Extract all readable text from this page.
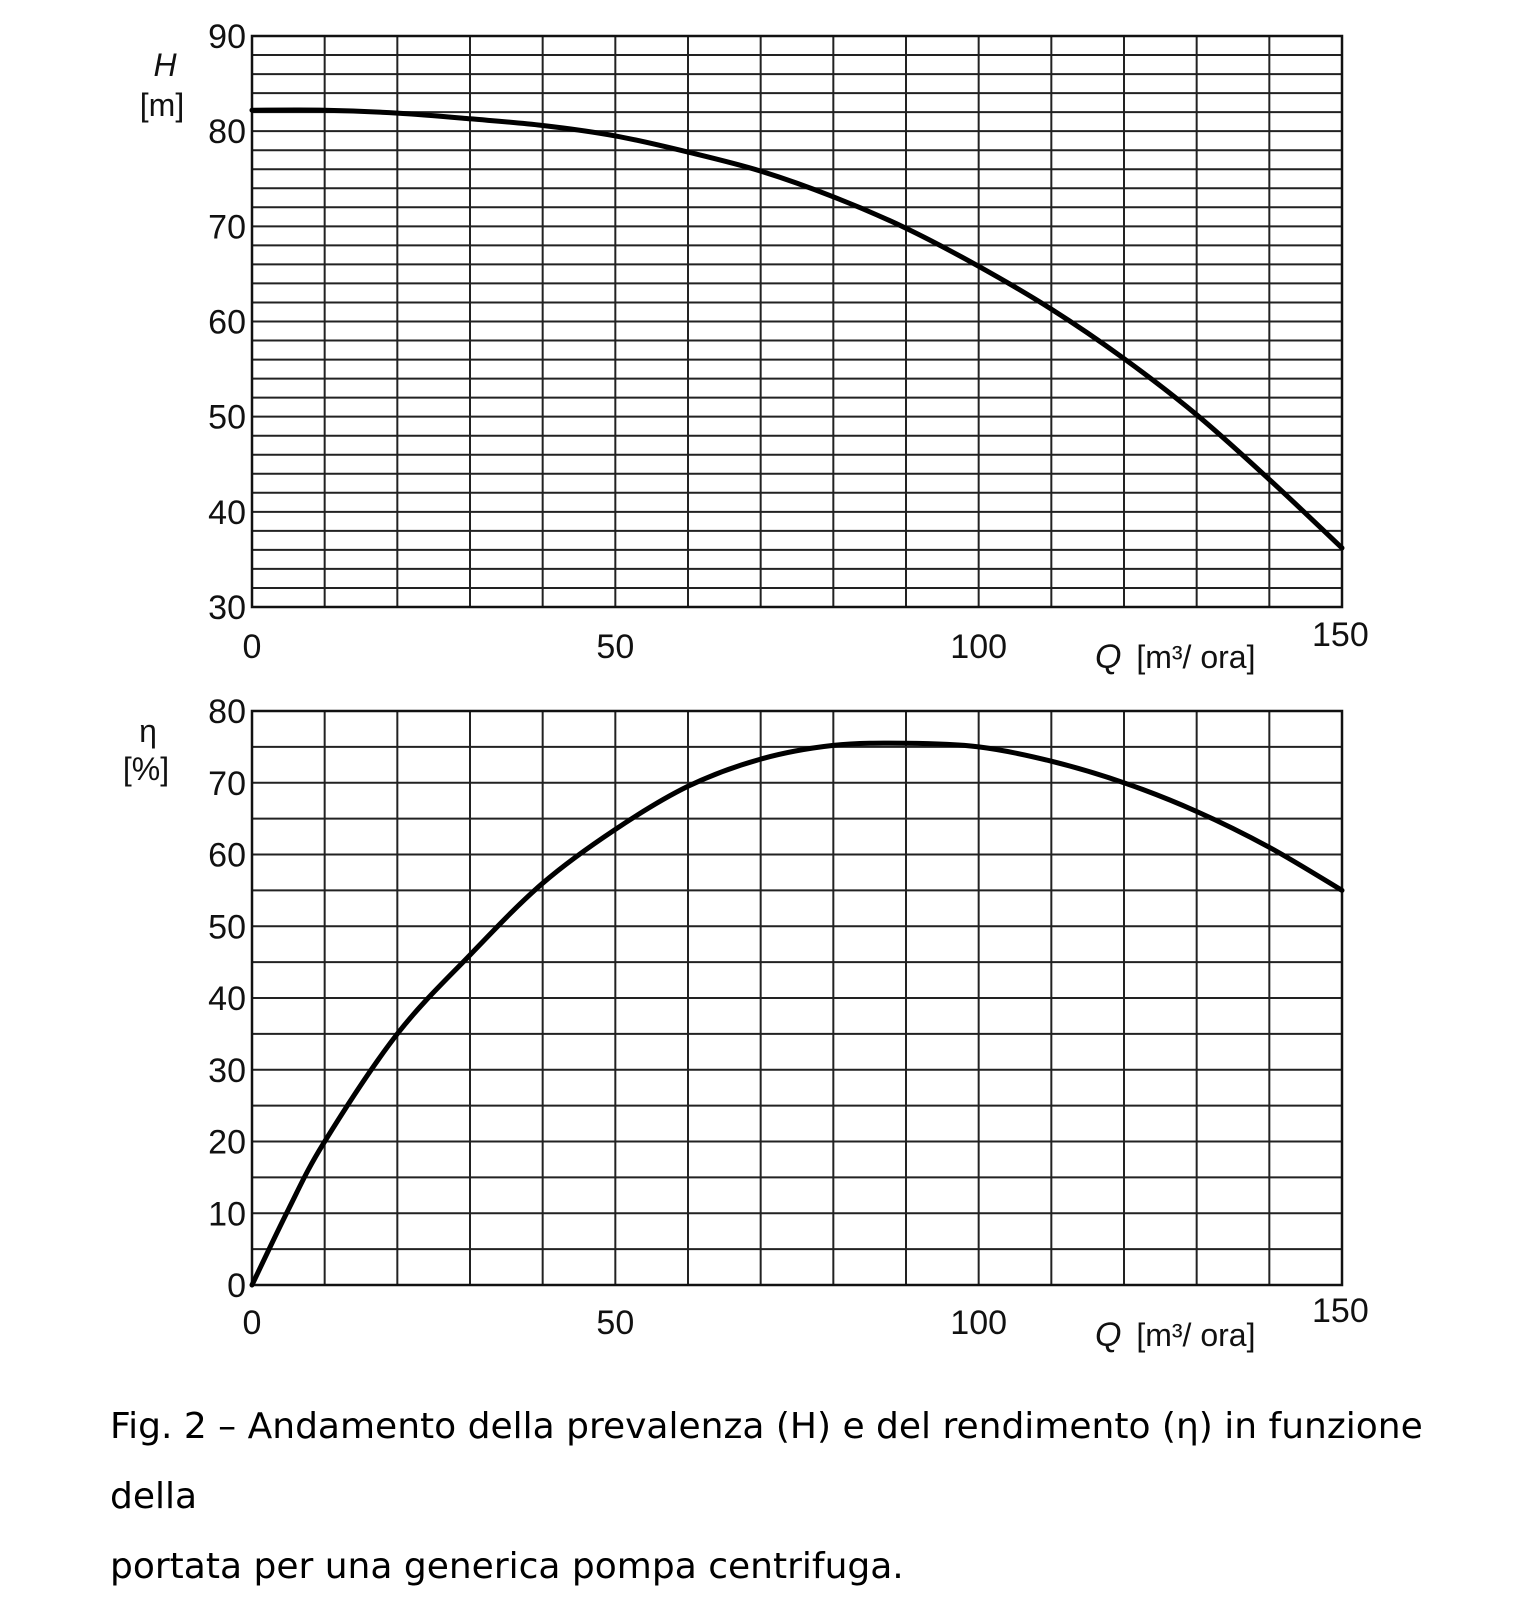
30
40
50
60
70
80
90
0	50	100	150
H
[m]
Q [m³/ ora]
0
10
20
30
40
50
60
70
80
0	50	100	150
η
[%]
Q [m³/ ora]
Fig. 2 – Andamento della prevalenza (H) e del rendimento (η) in funzione della
portata per una generica pompa centrifuga.
